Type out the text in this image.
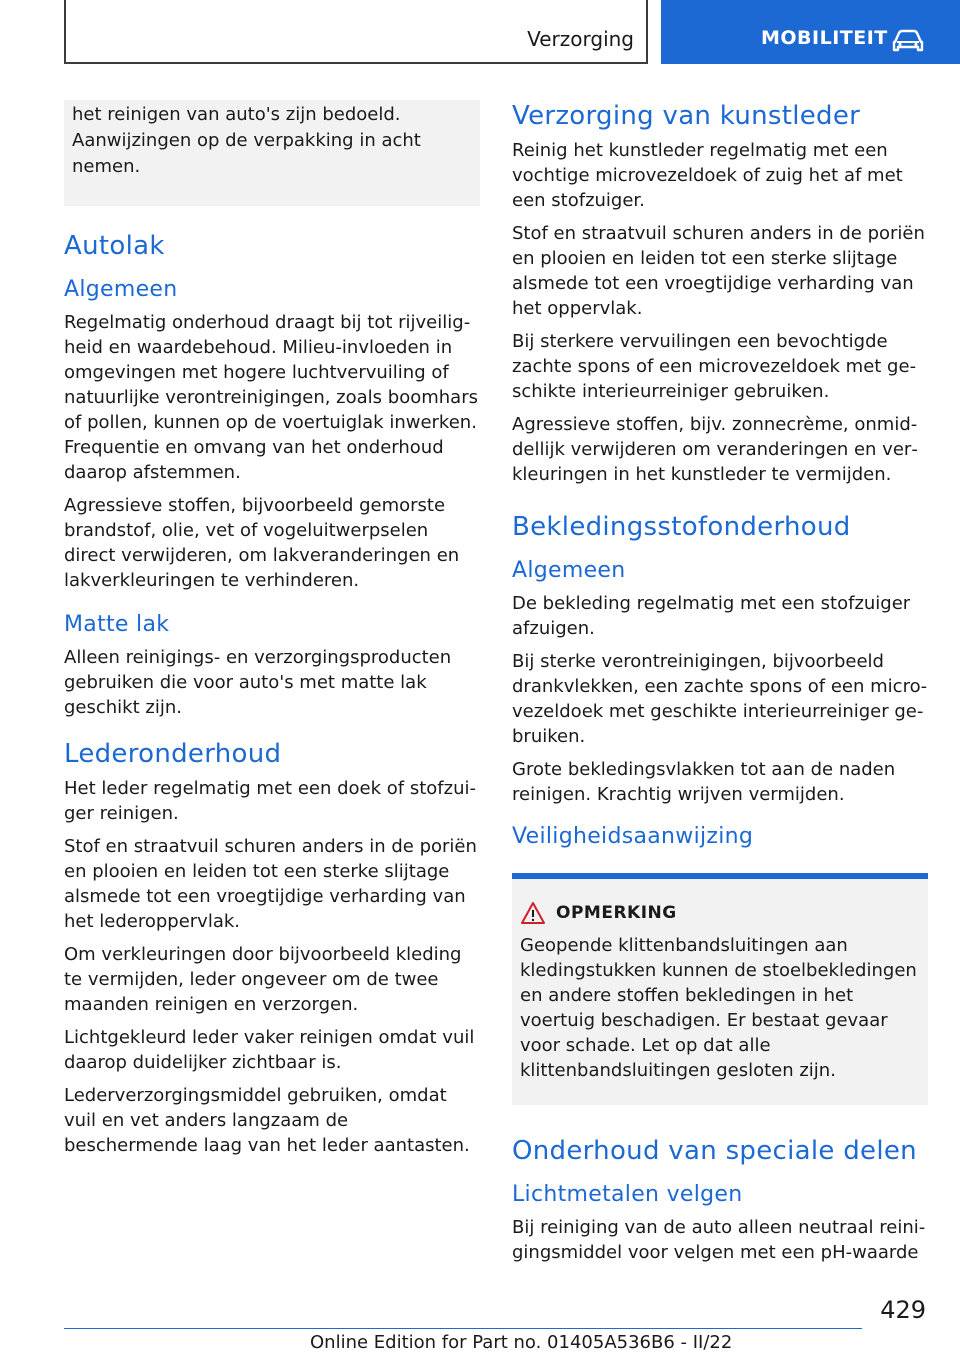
Verzorging	MOBILITEIT
het reinigen van auto's zijn bedoeld. Aanwijzingen op de verpakking in acht nemen.
Autolak
Algemeen

Regelmatig onderhoud draagt bij tot rijveiligheid en waardebehoud. Milieu-invloeden in omgevingen met hogere luchtvervuiling of natuurlijke verontreinigingen, zoals boomhars of pollen, kunnen op de voertuiglak inwerken. Frequentie en omvang van het onderhoud daarop afstemmen.

Agressieve stoffen, bijvoorbeeld gemorste brandstof, olie, vet of vogeluitwerpselen direct verwijderen, om lakveranderingen en lakverkleuringen te verhinderen.

Matte lak

Alleen reinigings- en verzorgingsproducten gebruiken die voor auto's met matte lak geschikt zijn.

Lederonderhoud

Het leder regelmatig met een doek of stofzuiger reinigen.

Stof en straatvuil schuren anders in de poriën en plooien en leiden tot een sterke slijtage alsmede tot een vroegtijdige verharding van het lederoppervlak.

Om verkleuringen door bijvoorbeeld kleding te vermijden, leder ongeveer om de twee maanden reinigen en verzorgen.

Lichtgekleurd leder vaker reinigen omdat vuil daarop duidelijker zichtbaar is.

Lederverzorgingsmiddel gebruiken, omdat vuil en vet anders langzaam de beschermende laag van het leder aantasten.

Verzorging van kunstleder

Reinig het kunstleder regelmatig met een vochtige microvezeldoek of zuig het af met een stofzuiger.

Stof en straatvuil schuren anders in de poriën en plooien en leiden tot een sterke slijtage alsmede tot een vroegtijdige verharding van het oppervlak.

Bij sterkere vervuilingen een bevochtigde zachte spons of een microvezeldoek met geschikte interieurreiniger gebruiken.

Agressieve stoffen, bijv. zonnecrème, onmiddellijk verwijderen om veranderingen en verkleuringen in het kunstleder te vermijden.

Bekledingsstofonderhoud
Algemeen

De bekleding regelmatig met een stofzuiger afzuigen.

Bij sterke verontreinigingen, bijvoorbeeld drankvlekken, een zachte spons of een microvezeldoek met geschikte interieurreiniger gebruiken.

Grote bekledingsvlakken tot aan de naden reinigen. Krachtig wrijven vermijden.

Veiligheidsaanwijzing
OPMERKING

Geopende klittenbandsluitingen aan kledingstukken kunnen de stoelbekledingen en andere stoffen bekledingen in het voertuig beschadigen. Er bestaat gevaar voor schade. Let op dat alle klittenbandsluitingen gesloten zijn.

Onderhoud van speciale delen
Lichtmetalen velgen

Bij reiniging van de auto alleen neutraal reinigingsmiddel voor velgen met een pH-waarde

429
Online Edition for Part no. 01405A536B6 - II/22
